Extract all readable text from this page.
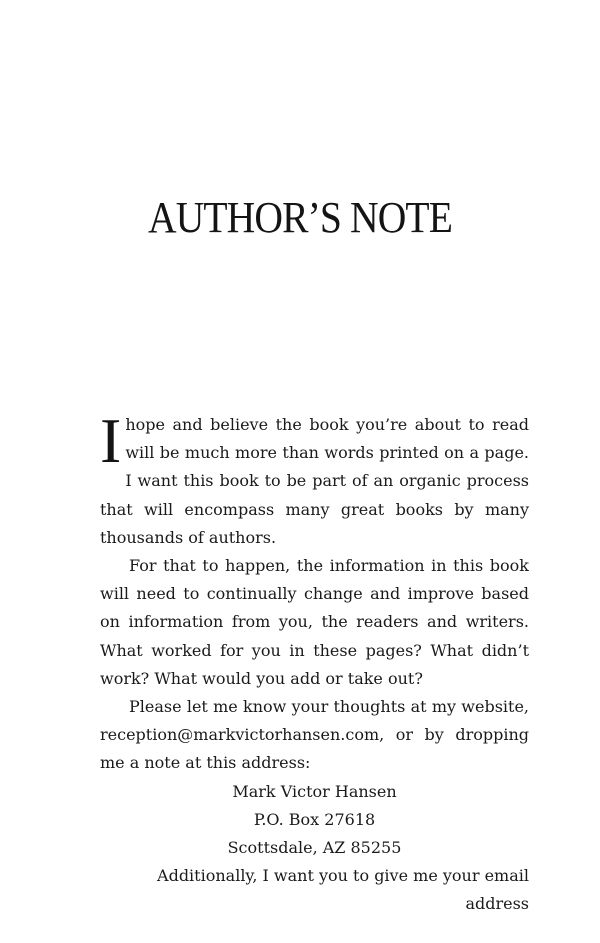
AUTHOR’S NOTE

I hope and believe the book you’re about to read will be much more than words printed on a page. I want this book to be part of an organic process that will encompass many great books by many thousands of authors.

For that to happen, the information in this book will need to continually change and improve based on information from you, the readers and writers. What worked for you in these pages? What didn’t work? What would you add or take out?

Please let me know your thoughts at my website, reception@markvictorhansen.com, or by dropping me a note at this address:

Mark Victor Hansen
P.O. Box 27618
Scottsdale, AZ 85255

Additionally, I want you to give me your email address
